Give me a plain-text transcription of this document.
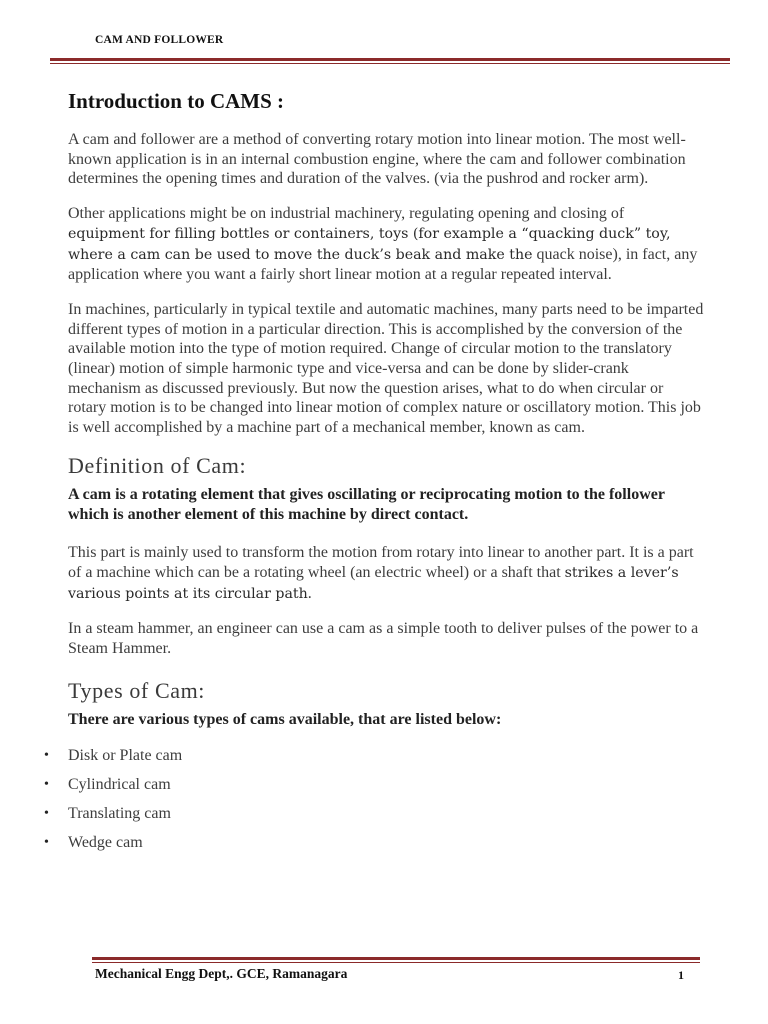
CAM AND FOLLOWER
Introduction to CAMS :

A cam and follower are a method of converting rotary motion into linear motion. The most well-known application is in an internal combustion engine, where the cam and follower combination determines the opening times and duration of the valves. (via the pushrod and rocker arm).

Other applications might be on industrial machinery, regulating opening and closing of equipment for filling bottles or containers, toys (for example a “quacking duck” toy, where a cam can be used to move the duck’s beak and make the quack noise), in fact, any application where you want a fairly short linear motion at a regular repeated interval.

In machines, particularly in typical textile and automatic machines, many parts need to be imparted different types of motion in a particular direction. This is accomplished by the conversion of the available motion into the type of motion required. Change of circular motion to the translatory (linear) motion of simple harmonic type and vice-versa and can be done by slider-crank mechanism as discussed previously. But now the question arises, what to do when circular or rotary motion is to be changed into linear motion of complex nature or oscillatory motion. This job is well accomplished by a machine part of a mechanical member, known as cam.

Definition of Cam:

A cam is a rotating element that gives oscillating or reciprocating motion to the follower which is another element of this machine by direct contact.

This part is mainly used to transform the motion from rotary into linear to another part. It is a part of a machine which can be a rotating wheel (an electric wheel) or a shaft that strikes a lever’s various points at its circular path.

In a steam hammer, an engineer can use a cam as a simple tooth to deliver pulses of the power to a Steam Hammer.

Types of Cam:

There are various types of cams available, that are listed below:

• Disk or Plate cam
• Cylindrical cam
• Translating cam
• Wedge cam
Mechanical Engg Dept,. GCE, Ramanagara	1
